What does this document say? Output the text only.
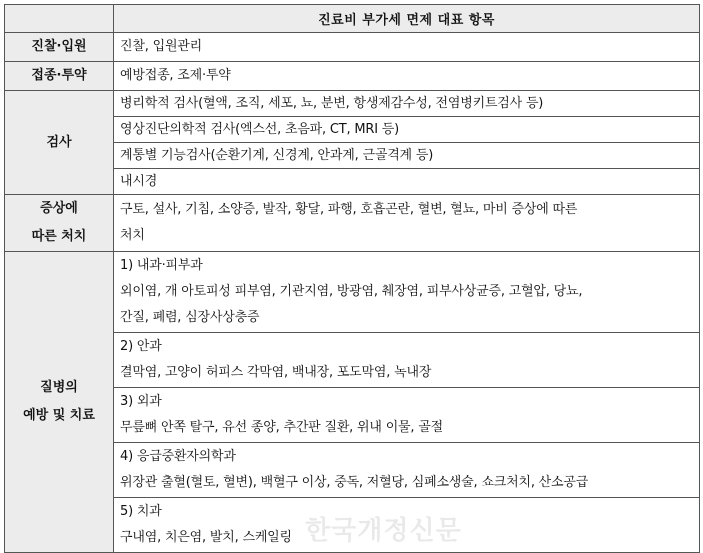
	진료비 부가세 면제 대표 항목

진찰·입원	진찰, 입원관리

접종·투약	예방접종, 조제·투약

검사	병리학적 검사(혈액, 조직, 세포, 뇨, 분변, 항생제감수성, 전염병키트검사 등)

	영상진단의학적 검사(엑스선, 초음파, CT, MRI 등)

	계통별 기능검사(순환기계, 신경계, 안과계, 근골격계 등)

	내시경

증상에
따른 처치	구토, 설사, 기침, 소양증, 발작, 황달, 파행, 호흡곤란, 혈변, 혈뇨, 마비 증상에 따른
처치

질병의
예방 및 치료	1) 내과·피부과
외이염, 개 아토피성 피부염, 기관지염, 방광염, 췌장염, 피부사상균증, 고혈압, 당뇨,
간질, 폐렴, 심장사상충증

	2) 안과
결막염, 고양이 허피스 각막염, 백내장, 포도막염, 녹내장

	3) 외과
무릎뼈 안쪽 탈구, 유선 종양, 추간판 질환, 위내 이물, 골절

	4) 응급중환자의학과
위장관 출혈(혈토, 혈변), 백혈구 이상, 중독, 저혈당, 심폐소생술, 쇼크처치, 산소공급

	5) 치과
구내염, 치은염, 발치, 스케일링 한국개정신문
